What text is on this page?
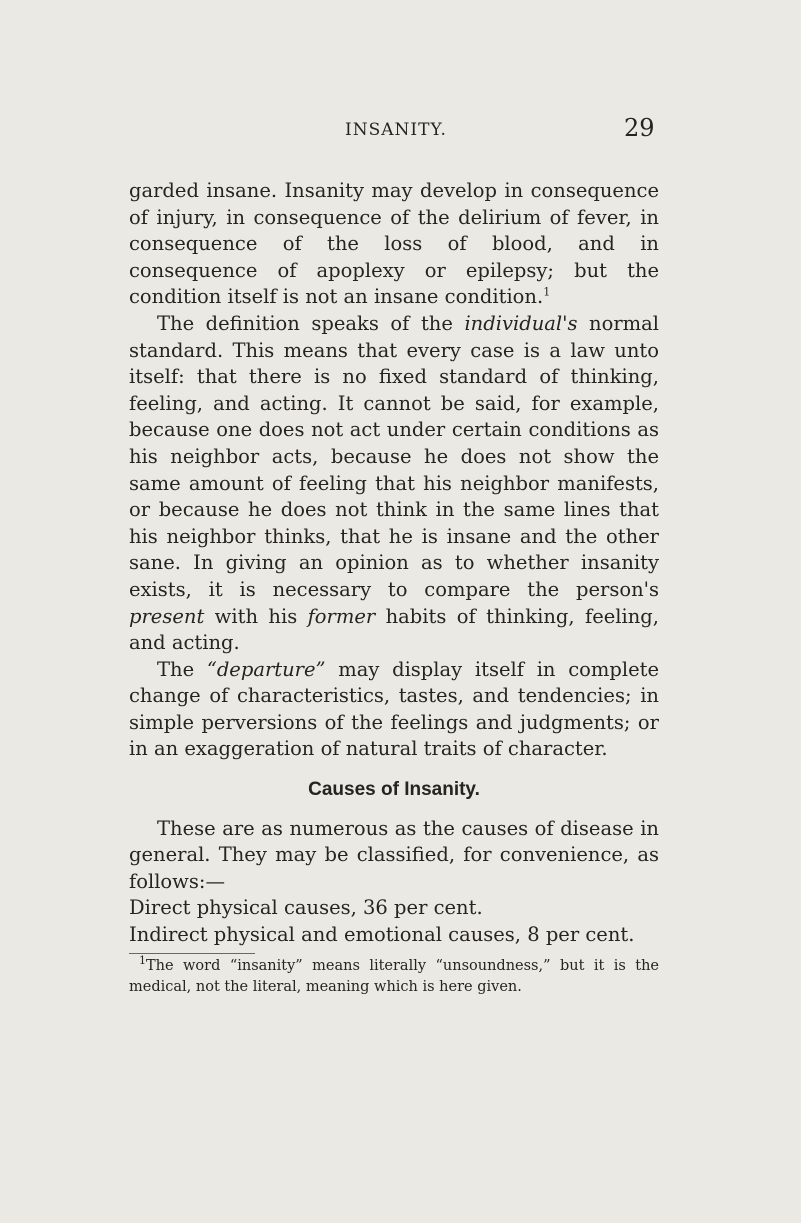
INSANITY.	29

garded insane. Insanity may develop in consequence of injury, in consequence of the delirium of fever, in consequence of the loss of blood, and in consequence of apoplexy or epilepsy; but the condition itself is not an insane condition.$^1$

The definition speaks of the individual's normal standard. This means that every case is a law unto itself: that there is no fixed standard of thinking, feeling, and acting. It cannot be said, for example, because one does not act under certain conditions as his neighbor acts, because he does not show the same amount of feeling that his neighbor manifests, or because he does not think in the same lines that his neighbor thinks, that he is insane and the other sane. In giving an opinion as to whether insanity exists, it is necessary to compare the person's present with his former habits of thinking, feeling, and acting.

The “departure” may display itself in complete change of characteristics, tastes, and tendencies; in simple perversions of the feelings and judgments; or in an exaggeration of natural traits of character.

Causes of Insanity.

These are as numerous as the causes of disease in general. They may be classified, for convenience, as follows:—

Direct physical causes, 36 per cent.

Indirect physical and emotional causes, 8 per cent.

$^1$The word “insanity” means literally “unsoundness,” but it is the medical, not the literal, meaning which is here given.
